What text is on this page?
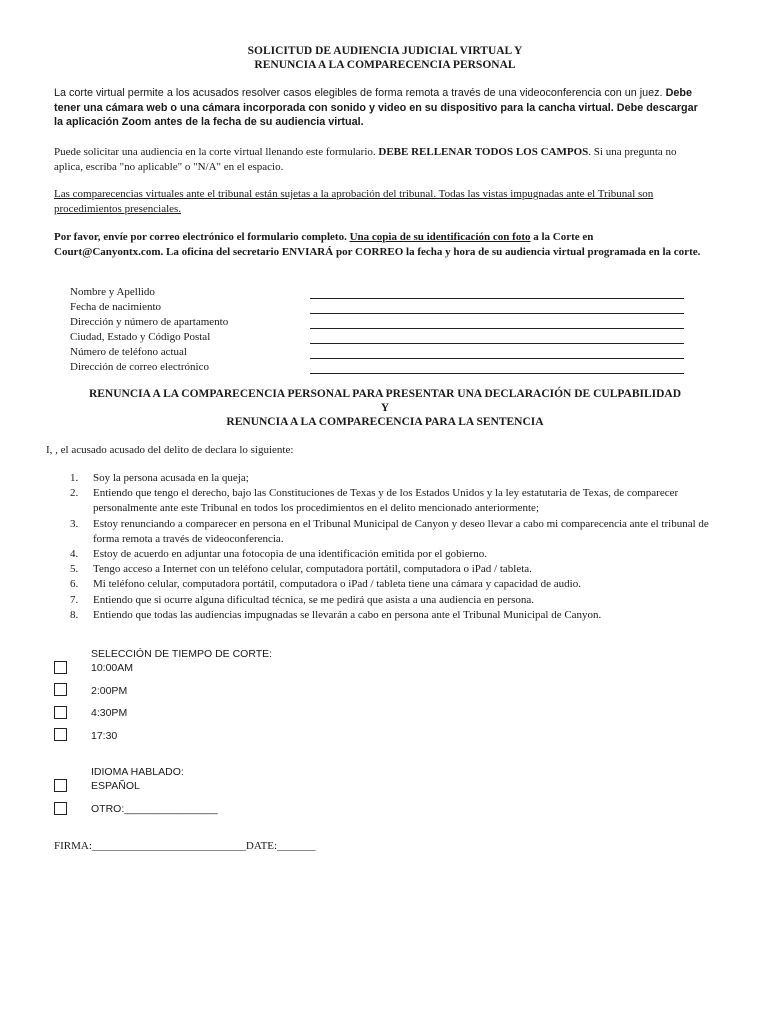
SOLICITUD DE AUDIENCIA JUDICIAL VIRTUAL Y
RENUNCIA A LA COMPARECENCIA PERSONAL
La corte virtual permite a los acusados resolver casos elegibles de forma remota a través de una videoconferencia con un juez. Debe tener una cámara web o una cámara incorporada con sonido y video en su dispositivo para la cancha virtual. Debe descargar la aplicación Zoom antes de la fecha de su audiencia virtual.
Puede solicitar una audiencia en la corte virtual llenando este formulario. DEBE RELLENAR TODOS LOS CAMPOS. Si una pregunta no aplica, escriba "no aplicable" o "N/A" en el espacio.
Las comparecencias virtuales ante el tribunal están sujetas a la aprobación del tribunal. Todas las vistas impugnadas ante el Tribunal son procedimientos presenciales.
Por favor, envíe por correo electrónico el formulario completo. Una copia de su identificación con foto a la Corte en Court@Canyontx.com. La oficina del secretario ENVIARÁ por CORREO la fecha y hora de su audiencia virtual programada en la corte.
Nombre y Apellido
Fecha de nacimiento
Dirección y número de apartamento
Ciudad, Estado y Código Postal
Número de teléfono actual
Dirección de correo electrónico
RENUNCIA A LA COMPARECENCIA PERSONAL PARA PRESENTAR UNA DECLARACIÓN DE CULPABILIDAD
Y
RENUNCIA A LA COMPARECENCIA PARA LA SENTENCIA
I, , el acusado acusado del delito de declara lo siguiente:
1. Soy la persona acusada en la queja;
2. Entiendo que tengo el derecho, bajo las Constituciones de Texas y de los Estados Unidos y la ley estatutaria de Texas, de comparecer personalmente ante este Tribunal en todos los procedimientos en el delito mencionado anteriormente;
3. Estoy renunciando a comparecer en persona en el Tribunal Municipal de Canyon y deseo llevar a cabo mi comparecencia ante el tribunal de forma remota a través de videoconferencia.
4. Estoy de acuerdo en adjuntar una fotocopia de una identificación emitida por el gobierno.
5. Tengo acceso a Internet con un teléfono celular, computadora portátil, computadora o iPad / tableta.
6. Mi teléfono celular, computadora portátil, computadora o iPad / tableta tiene una cámara y capacidad de audio.
7. Entiendo que si ocurre alguna dificultad técnica, se me pedirá que asista a una audiencia en persona.
8. Entiendo que todas las audiencias impugnadas se llevarán a cabo en persona ante el Tribunal Municipal de Canyon.
SELECCIÓN DE TIEMPO DE CORTE:
10:00AM
2:00PM
4:30PM
17:30
IDIOMA HABLADO:
ESPAÑOL
OTRO:________________
FIRMA:____________________________DATE:_______
